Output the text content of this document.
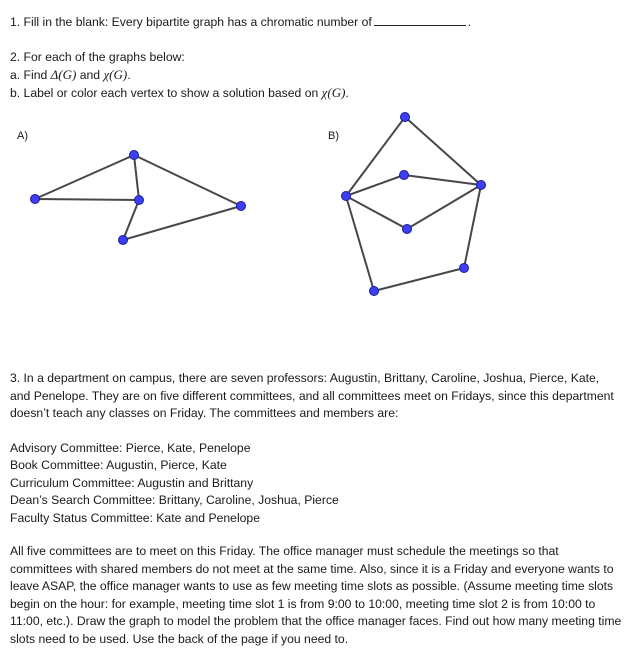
1. Fill in the blank: Every bipartite graph has a chromatic number of	.
2. For each of the graphs below:
a. Find Δ(G) and χ(G).
b. Label or color each vertex to show a solution based on χ(G).
A)	B)
3. In a department on campus, there are seven professors: Augustin, Brittany, Caroline, Joshua, Pierce, Kate, and Penelope. They are on five different committees, and all committees meet on Fridays, since this department doesn’t teach any classes on Friday. The committees and members are:
Advisory Committee: Pierce, Kate, Penelope
Book Committee: Augustin, Pierce, Kate
Curriculum Committee: Augustin and Brittany
Dean’s Search Committee: Brittany, Caroline, Joshua, Pierce
Faculty Status Committee: Kate and Penelope
All five committees are to meet on this Friday. The office manager must schedule the meetings so that committees with shared members do not meet at the same time. Also, since it is a Friday and everyone wants to leave ASAP, the office manager wants to use as few meeting time slots as possible. (Assume meeting time slots begin on the hour: for example, meeting time slot 1 is from 9:00 to 10:00, meeting time slot 2 is from 10:00 to 11:00, etc.). Draw the graph to model the problem that the office manager faces. Find out how many meeting time slots need to be used. Use the back of the page if you need to.
